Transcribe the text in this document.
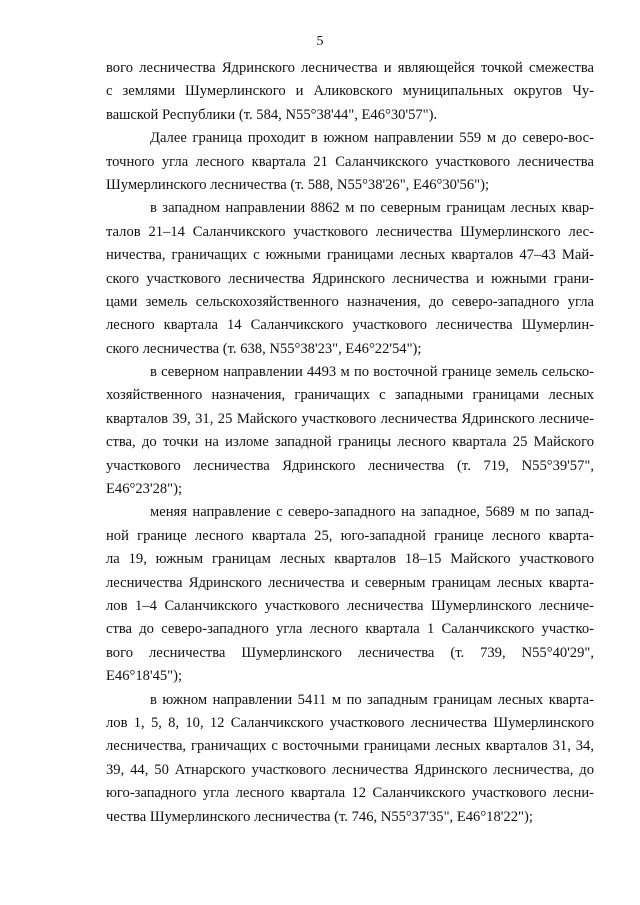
5
вого лесничества Ядринского лесничества и являющейся точкой смежества
с землями Шумерлинского и Аликовского муниципальных округов Чу-
вашской Республики (т. 584, N55°38'44", E46°30'57").
Далее граница проходит в южном направлении 559 м до северо-вос-
точного угла лесного квартала 21 Саланчикского участкового лесничества
Шумерлинского лесничества (т. 588, N55°38'26", E46°30'56");
в западном направлении 8862 м по северным границам лесных квар-
талов 21–14 Саланчикского участкового лесничества Шумерлинского лес-
ничества, граничащих с южными границами лесных кварталов 47–43 Май-
ского участкового лесничества Ядринского лесничества и южными грани-
цами земель сельскохозяйственного назначения, до северо-западного угла
лесного квартала 14 Саланчикского участкового лесничества Шумерлин-
ского лесничества (т. 638, N55°38'23", E46°22'54");
в северном направлении 4493 м по восточной границе земель сельско-
хозяйственного назначения, граничащих с западными границами лесных
кварталов 39, 31, 25 Майского участкового лесничества Ядринского лесниче-
ства, до точки на изломе западной границы лесного квартала 25 Майского
участкового лесничества Ядринского лесничества (т. 719, N55°39'57",
E46°23'28");
меняя направление с северо-западного на западное, 5689 м по запад-
ной границе лесного квартала 25, юго-западной границе лесного кварта-
ла 19, южным границам лесных кварталов 18–15 Майского участкового
лесничества Ядринского лесничества и северным границам лесных кварта-
лов 1–4 Саланчикского участкового лесничества Шумерлинского лесниче-
ства до северо-западного угла лесного квартала 1 Саланчикского участко-
вого лесничества Шумерлинского лесничества (т. 739, N55°40'29",
E46°18'45");
в южном направлении 5411 м по западным границам лесных кварта-
лов 1, 5, 8, 10, 12 Саланчикского участкового лесничества Шумерлинского
лесничества, граничащих с восточными границами лесных кварталов 31, 34,
39, 44, 50 Атнарского участкового лесничества Ядринского лесничества, до
юго-западного угла лесного квартала 12 Саланчикского участкового лесни-
чества Шумерлинского лесничества (т. 746, N55°37'35", E46°18'22");
